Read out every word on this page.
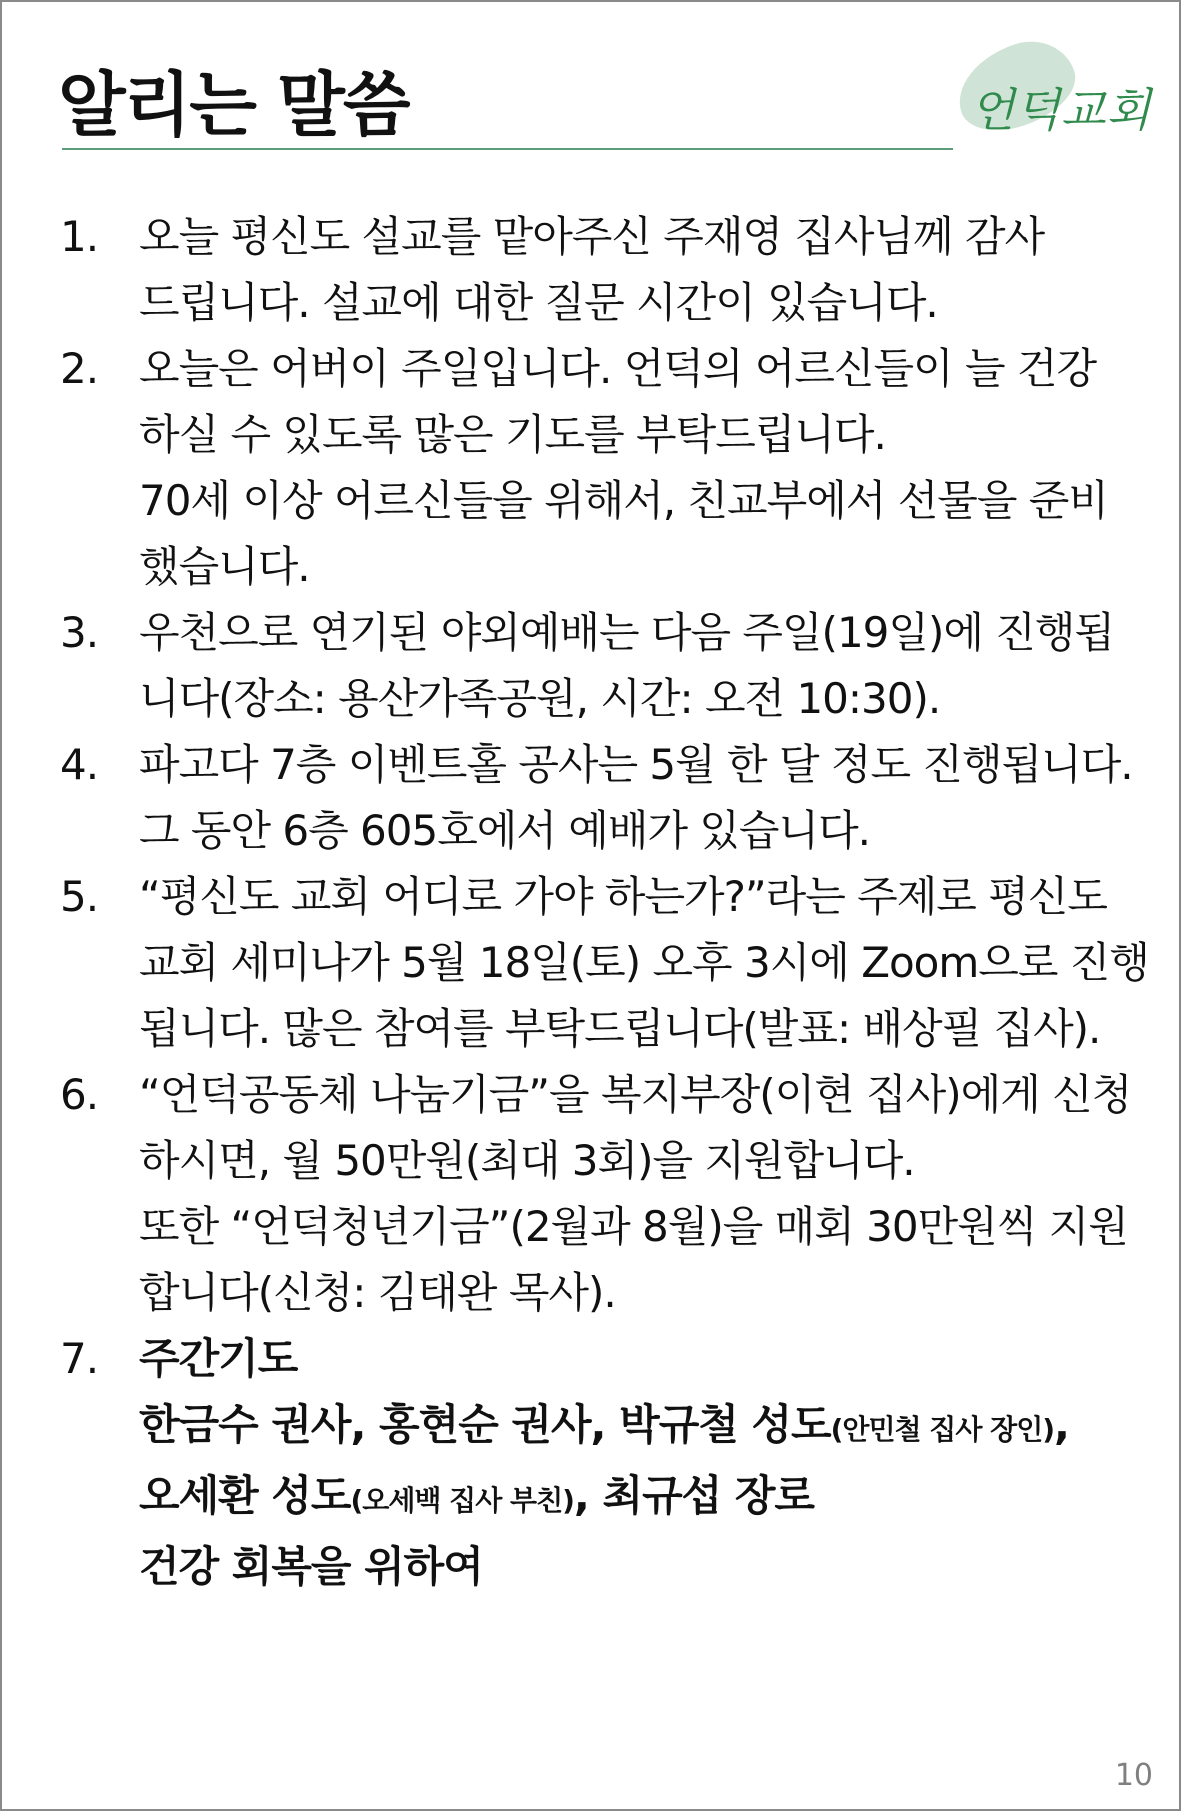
알리는 말씀	언덕교회
1. 오늘 평신도 설교를 맡아주신 주재영 집사님께 감사
드립니다. 설교에 대한 질문 시간이 있습니다.
2. 오늘은 어버이 주일입니다. 언덕의 어르신들이 늘 건강
하실 수 있도록 많은 기도를 부탁드립니다.
70세 이상 어르신들을 위해서, 친교부에서 선물을 준비
했습니다.
3. 우천으로 연기된 야외예배는 다음 주일(19일)에 진행됩
니다(장소: 용산가족공원, 시간: 오전 10:30).
4. 파고다 7층 이벤트홀 공사는 5월 한 달 정도 진행됩니다.
그 동안 6층 605호에서 예배가 있습니다.
5. “평신도 교회 어디로 가야 하는가?”라는 주제로 평신도
교회 세미나가 5월 18일(토) 오후 3시에 Zoom으로 진행
됩니다. 많은 참여를 부탁드립니다(발표: 배상필 집사).
6. “언덕공동체 나눔기금”을 복지부장(이현 집사)에게 신청
하시면, 월 50만원(최대 3회)을 지원합니다.
또한 “언덕청년기금”(2월과 8월)을 매회 30만원씩 지원
합니다(신청: 김태완 목사).
7. 주간기도
한금수 권사, 홍현순 권사, 박규철 성도(안민철 집사 장인),
오세환 성도(오세백 집사 부친), 최규섭 장로
건강 회복을 위하여
10
